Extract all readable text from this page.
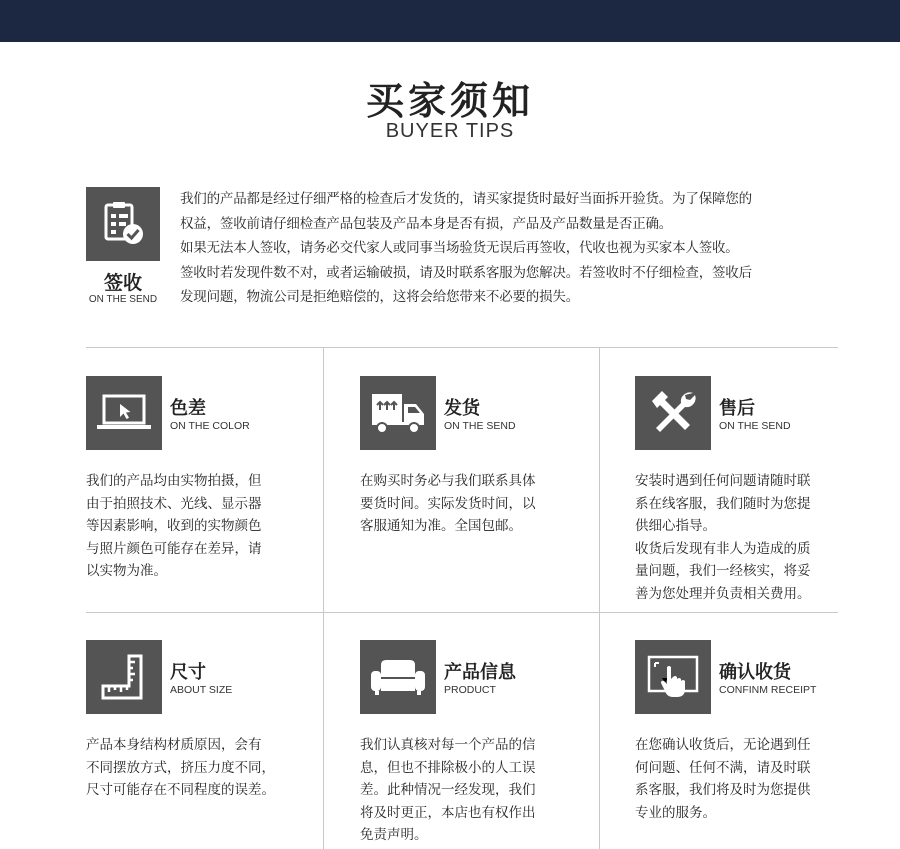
买家须知
BUYER TIPS
签收
ON THE SEND

我们的产品都是经过仔细严格的检查后才发货的，请买家提货时最好当面拆开验货。为了保障您的

权益，签收前请仔细检查产品包装及产品本身是否有损，产品及产品数量是否正确。

如果无法本人签收，请务必交代家人或同事当场验货无误后再签收，代收也视为买家本人签收。

签收时若发现件数不对，或者运输破损，请及时联系客服为您解决。若签收时不仔细检查，签收后

发现问题，物流公司是拒绝赔偿的，这将会给您带来不必要的损失。

色差
ON THE COLOR

我们的产品均由实物拍摄，但

由于拍照技术、光线、显示器

等因素影响，收到的实物颜色

与照片颜色可能存在差异，请

以实物为准。

发货
ON THE SEND

在购买时务必与我们联系具体

要货时间。实际发货时间，以

客服通知为准。全国包邮。

售后
ON THE SEND

安装时遇到任何问题请随时联

系在线客服，我们随时为您提

供细心指导。

收货后发现有非人为造成的质

量问题，我们一经核实，将妥

善为您处理并负责相关费用。

尺寸
ABOUT SIZE

产品本身结构材质原因，会有

不同摆放方式，挤压力度不同，

尺寸可能存在不同程度的误差。

产品信息
PRODUCT

我们认真核对每一个产品的信

息，但也不排除极小的人工误

差。此种情况一经发现，我们

将及时更正，本店也有权作出

免责声明。

确认收货
CONFINM RECEIPT

在您确认收货后，无论遇到任

何问题、任何不满，请及时联

系客服，我们将及时为您提供

专业的服务。
